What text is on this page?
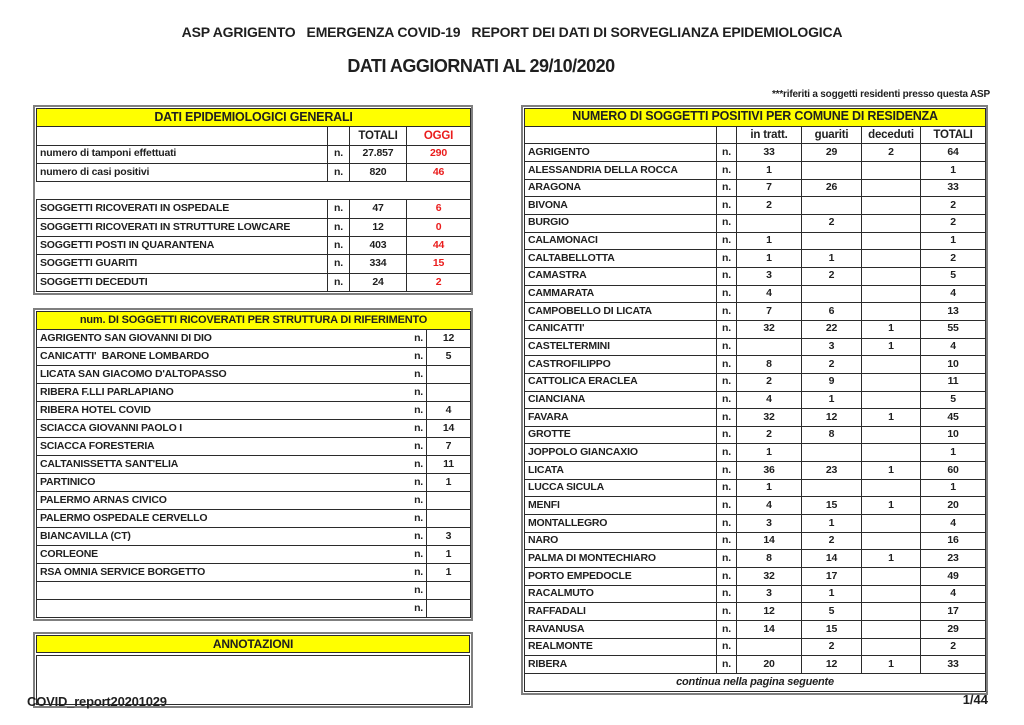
ASP AGRIGENTO   EMERGENZA COVID-19   REPORT DEI DATI DI SORVEGLIANZA EPIDEMIOLOGICA
DATI AGGIORNATI AL 29/10/2020
***riferiti a soggetti residenti presso questa ASP
DATI EPIDEMIOLOGICI GENERALI			
		TOTALI	OGGI
numero di tamponi effettuati	n.	27.857	290
numero di casi positivi	n.	820	46

SOGGETTI RICOVERATI IN OSPEDALE	n.	47	6
SOGGETTI RICOVERATI IN STRUTTURE LOWCARE	n.	12	0
SOGGETTI POSTI IN QUARANTENA	n.	403	44
SOGGETTI GUARITI	n.	334	15
SOGGETTI DECEDUTI	n.	24	2
num. DI SOGGETTI RICOVERATI PER STRUTTURA DI RIFERIMENTO		
AGRIGENTO SAN GIOVANNI DI DIO	n.	12
CANICATTI'  BARONE LOMBARDO	n.	5
LICATA SAN GIACOMO D'ALTOPASSO	n.	
RIBERA F.LLI PARLAPIANO	n.	
RIBERA HOTEL COVID	n.	4
SCIACCA GIOVANNI PAOLO I	n.	14
SCIACCA FORESTERIA	n.	7
CALTANISSETTA SANT'ELIA	n.	11
PARTINICO	n.	1
PALERMO ARNAS CIVICO	n.	
PALERMO OSPEDALE CERVELLO	n.	
BIANCAVILLA (CT)	n.	3
CORLEONE	n.	1
RSA OMNIA SERVICE BORGETTO	n.	1
	n.	
	n.	
ANNOTAZIONI
NUMERO DI SOGGETTI POSITIVI PER COMUNE DI RESIDENZA					
		in tratt.	guariti	deceduti	TOTALI
AGRIGENTO	n.	33	29	2	64
ALESSANDRIA DELLA ROCCA	n.	1			1
ARAGONA	n.	7	26		33
BIVONA	n.	2			2
BURGIO	n.		2		2
CALAMONACI	n.	1			1
CALTABELLOTTA	n.	1	1		2
CAMASTRA	n.	3	2		5
CAMMARATA	n.	4			4
CAMPOBELLO DI LICATA	n.	7	6		13
CANICATTI'	n.	32	22	1	55
CASTELTERMINI	n.		3	1	4
CASTROFILIPPO	n.	8	2		10
CATTOLICA ERACLEA	n.	2	9		11
CIANCIANA	n.	4	1		5
FAVARA	n.	32	12	1	45
GROTTE	n.	2	8		10
JOPPOLO GIANCAXIO	n.	1			1
LICATA	n.	36	23	1	60
LUCCA SICULA	n.	1			1
MENFI	n.	4	15	1	20
MONTALLEGRO	n.	3	1		4
NARO	n.	14	2		16
PALMA DI MONTECHIARO	n.	8	14	1	23
PORTO EMPEDOCLE	n.	32	17		49
RACALMUTO	n.	3	1		4
RAFFADALI	n.	12	5		17
RAVANUSA	n.	14	15		29
REALMONTE	n.		2		2
RIBERA	n.	20	12	1	33
continua nella pagina seguente					
COVID_report20201029	1/44
